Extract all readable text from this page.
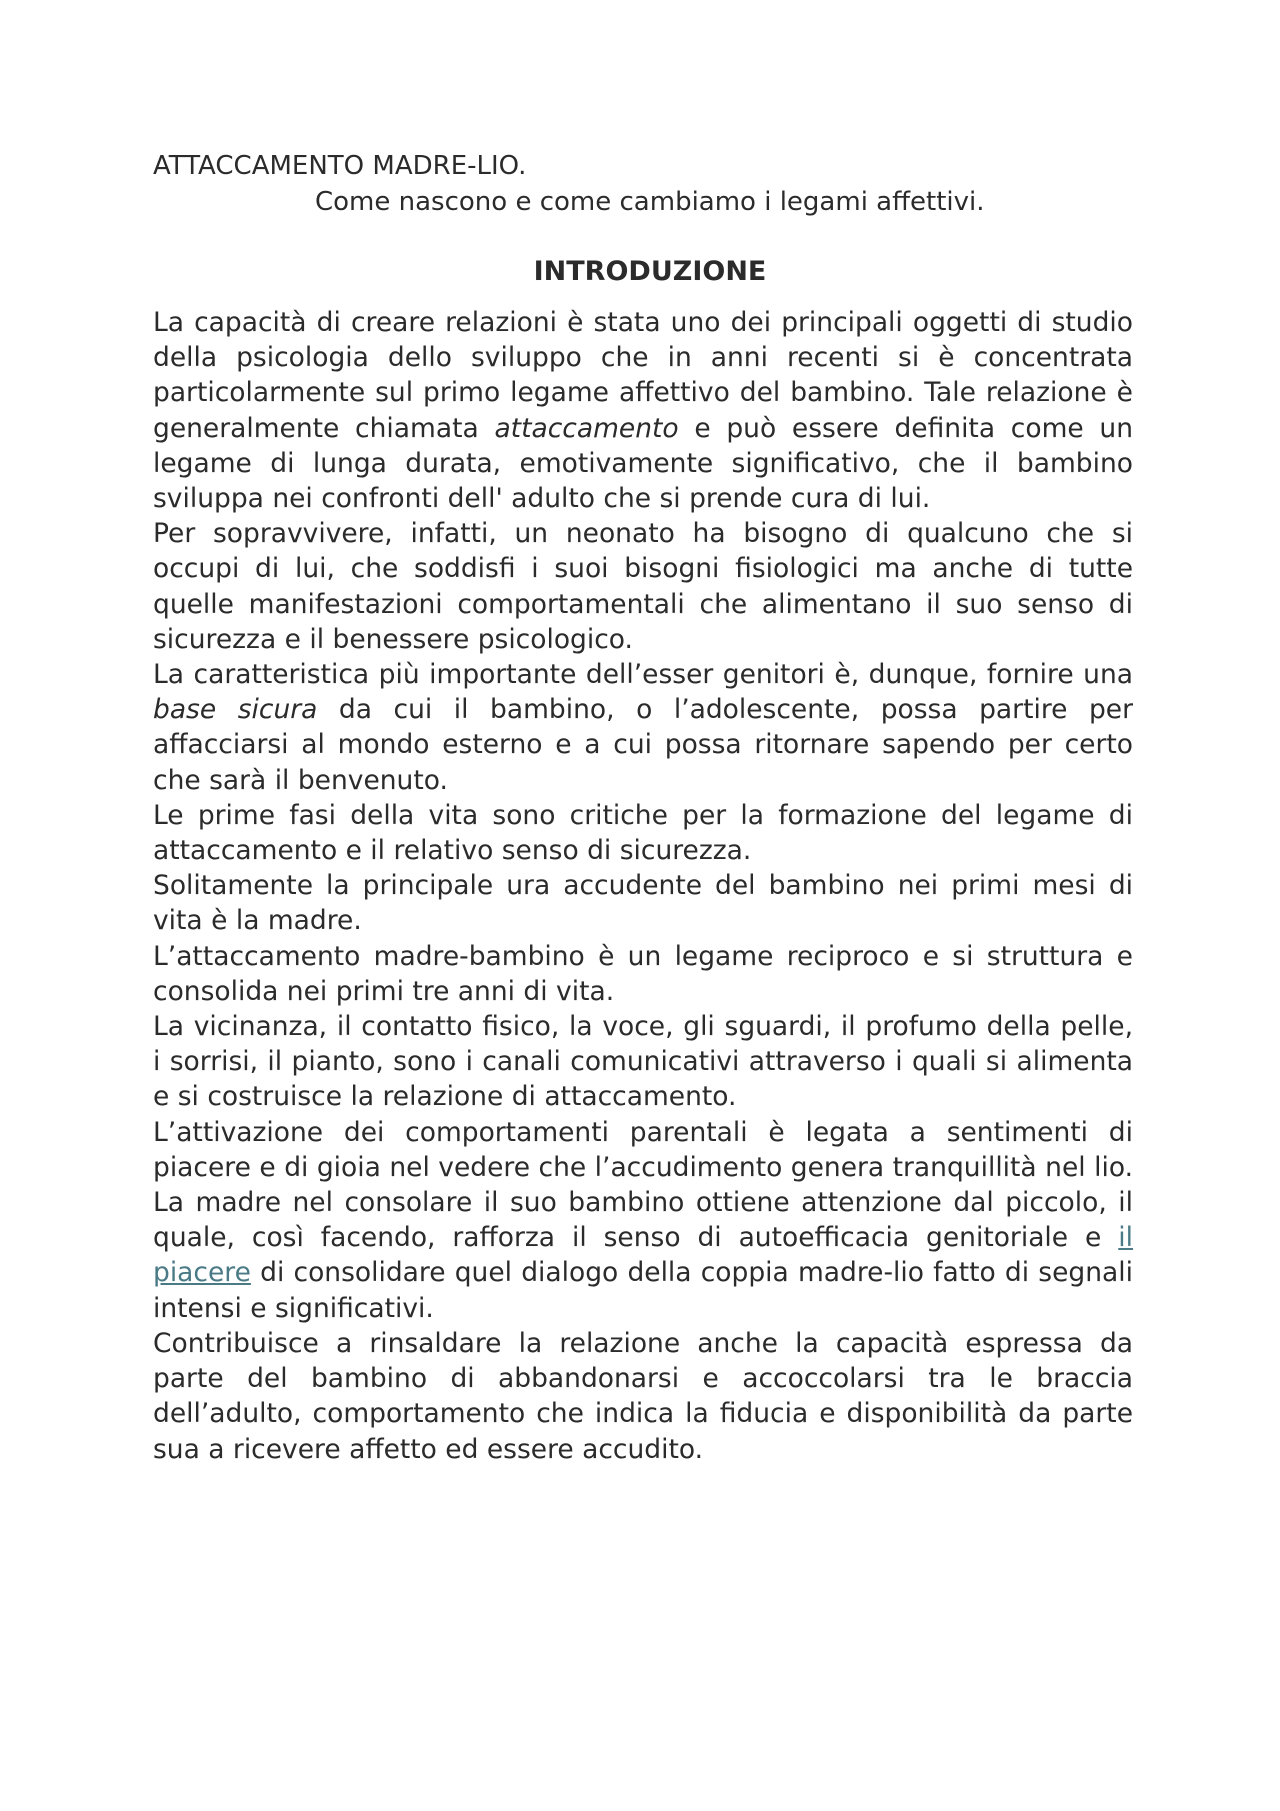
ATTACCAMENTO MADRE-LIO.

Come nascono e come cambiamo i legami affettivi.

INTRODUZIONE

La capacità di creare relazioni è stata uno dei principali oggetti di studio della psicologia dello sviluppo che in anni recenti si è concentrata particolarmente sul primo legame affettivo del bambino. Tale relazione è generalmente chiamata attaccamento e può essere definita come un legame di lunga durata, emotivamente significativo, che il bambino sviluppa nei confronti dell' adulto che si prende cura di lui.

Per sopravvivere, infatti, un neonato ha bisogno di qualcuno che si occupi di lui, che soddisfi i suoi bisogni fisiologici ma anche di tutte quelle manifestazioni comportamentali che alimentano il suo senso di sicurezza e il benessere psicologico.

La caratteristica più importante dell’esser genitori è, dunque, fornire una base sicura da cui il bambino, o l’adolescente, possa partire per affacciarsi al mondo esterno e a cui possa ritornare sapendo per certo che sarà il benvenuto.

Le prime fasi della vita sono critiche per la formazione del legame di attaccamento e il relativo senso di sicurezza.

Solitamente la principale ura accudente del bambino nei primi mesi di vita è la madre.

L’attaccamento madre-bambino è un legame reciproco e si struttura e consolida nei primi tre anni di vita.

La vicinanza, il contatto fisico, la voce, gli sguardi, il profumo della pelle, i sorrisi, il pianto, sono i canali comunicativi attraverso i quali si alimenta e si costruisce la relazione di attaccamento.

L’attivazione dei comportamenti parentali è legata a sentimenti di piacere e di gioia nel vedere che l’accudimento genera tranquillità nel lio. La madre nel consolare il suo bambino ottiene attenzione dal piccolo, il quale, così facendo, rafforza il senso di autoefficacia genitoriale e il piacere di consolidare quel dialogo della coppia madre-lio fatto di segnali intensi e significativi.

Contribuisce a rinsaldare la relazione anche la capacità espressa da parte del bambino di abbandonarsi e accoccolarsi tra le braccia dell’adulto, comportamento che indica la fiducia e disponibilità da parte sua a ricevere affetto ed essere accudito.
